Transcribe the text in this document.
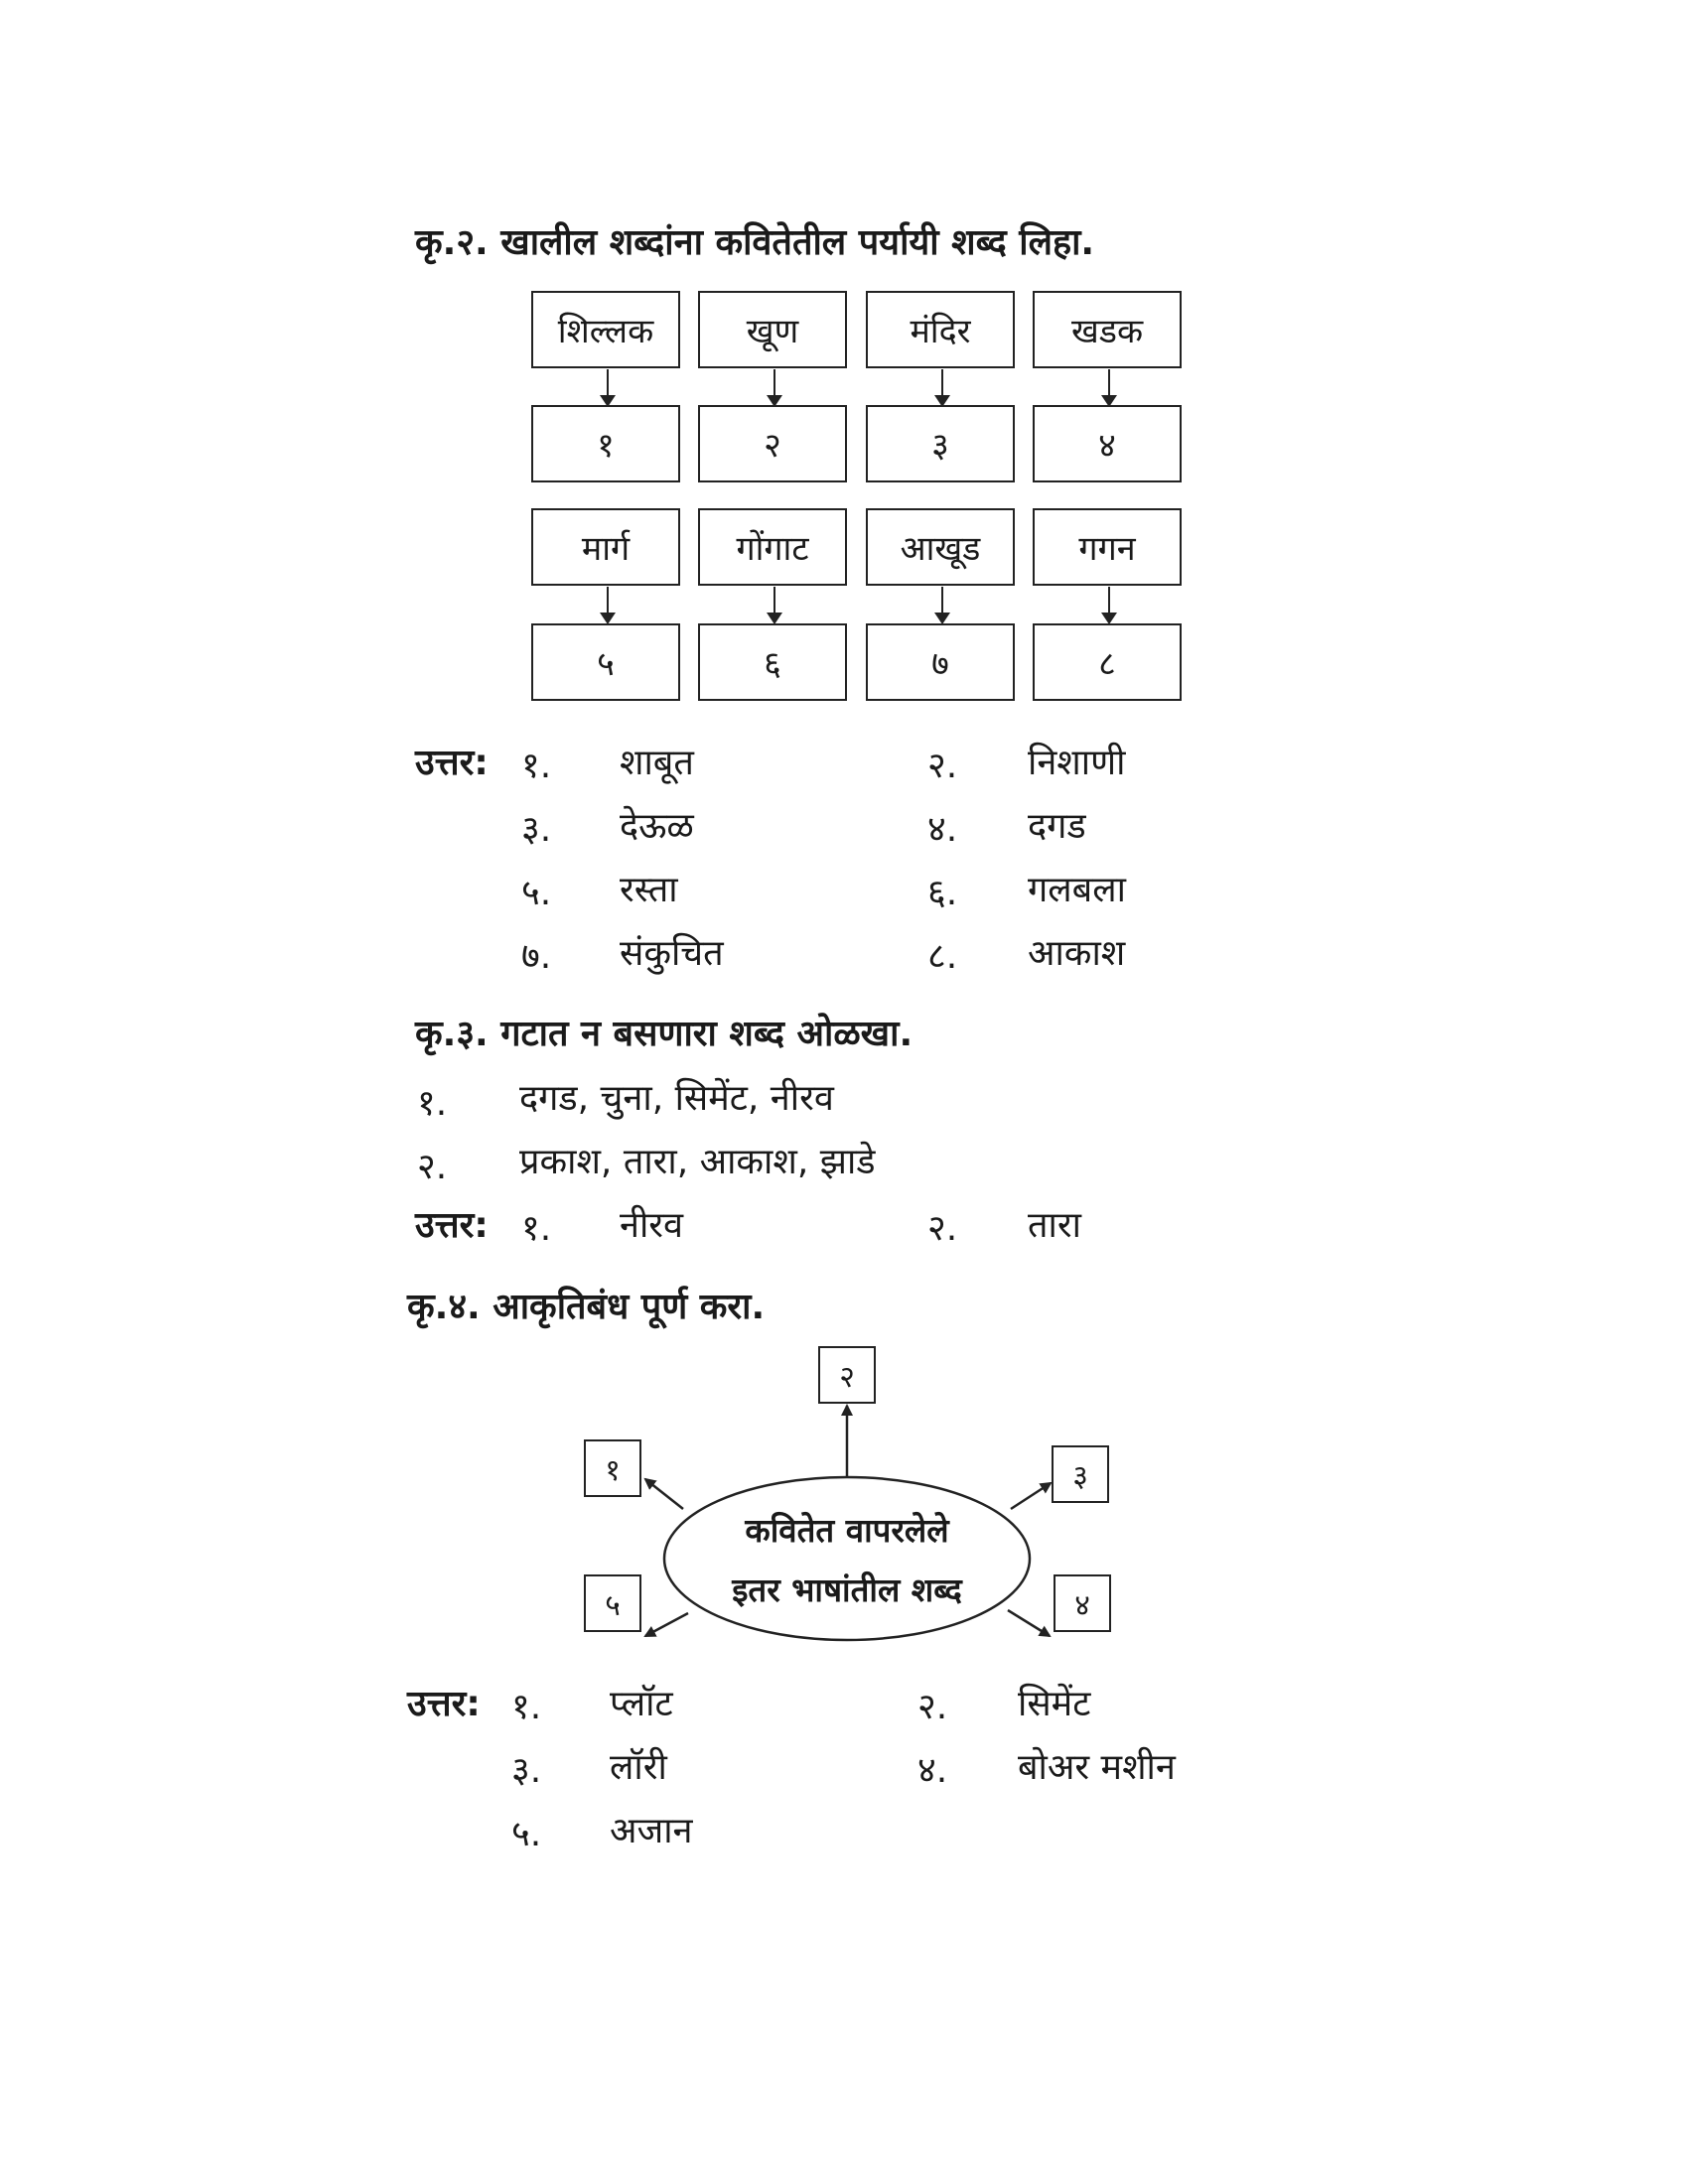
कृ.२. खालील शब्दांना कवितेतील पर्यायी शब्द लिहा.
शिल्लक	खूण	मंदिर	खडक
१	२	३	४
मार्ग	गोंगाट	आखूड	गगन
५	६	७	८
उत्तर: १. शाबूत	२. निशाणी
३. देऊळ	४. दगड
५. रस्ता	६. गलबला
७. संकुचित	८. आकाश
कृ.३. गटात न बसणारा शब्द ओळखा.
१. दगड, चुना, सिमेंट, नीरव
२. प्रकाश, तारा, आकाश, झाडे
उत्तर: १. नीरव	२. तारा
कृ.४. आकृतिबंध पूर्ण करा.
कवितेत वापरलेले
इतर भाषांतील शब्द
१
२
३
४
५
उत्तर: १. प्लॉट	२. सिमेंट
३. लॉरी	४. बोअर मशीन
५. अजान
